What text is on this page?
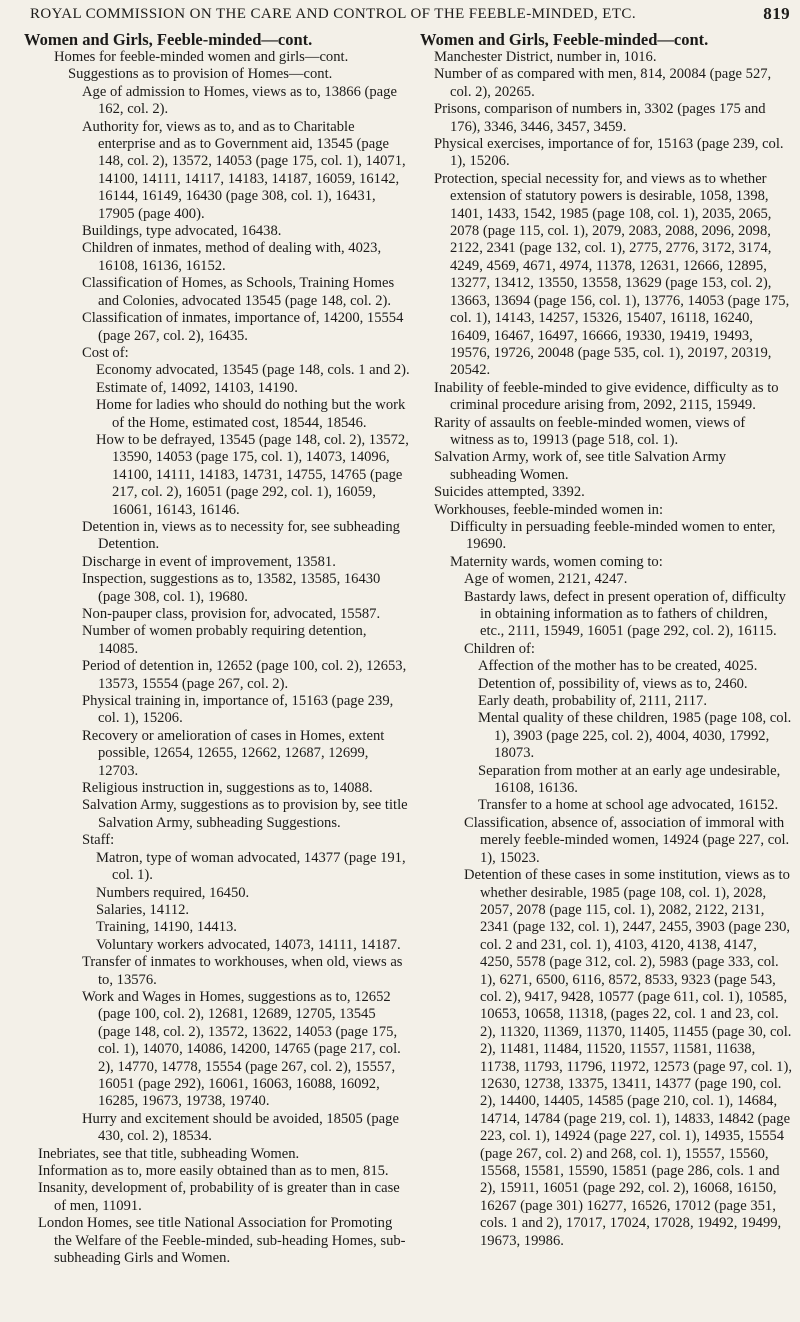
ROYAL COMMISSION ON THE CARE AND CONTROL OF THE FEEBLE-MINDED, ETC.	819
Women and Girls, Feeble-minded—cont.
Homes for feeble-minded women and girls—cont.
Suggestions as to provision of Homes—cont.
Age of admission to Homes, views as to, 13866 (page 162, col. 2).
Authority for, views as to, and as to Charitable enterprise and as to Government aid, 13545 (page 148, col. 2), 13572, 14053 (page 175, col. 1), 14071, 14100, 14111, 14117, 14183, 14187, 16059, 16142, 16144, 16149, 16430 (page 308, col. 1), 16431, 17905 (page 400).
Buildings, type advocated, 16438.
Children of inmates, method of dealing with, 4023, 16108, 16136, 16152.
Classification of Homes, as Schools, Training Homes and Colonies, advocated 13545 (page 148, col. 2).
Classification of inmates, importance of, 14200, 15554 (page 267, col. 2), 16435.
Cost of:
Economy advocated, 13545 (page 148, cols. 1 and 2).
Estimate of, 14092, 14103, 14190.
Home for ladies who should do nothing but the work of the Home, estimated cost, 18544, 18546.
How to be defrayed, 13545 (page 148, col. 2), 13572, 13590, 14053 (page 175, col. 1), 14073, 14096, 14100, 14111, 14183, 14731, 14755, 14765 (page 217, col. 2), 16051 (page 292, col. 1), 16059, 16061, 16143, 16146.
Detention in, views as to necessity for, see subheading Detention.
Discharge in event of improvement, 13581.
Inspection, suggestions as to, 13582, 13585, 16430 (page 308, col. 1), 19680.
Non-pauper class, provision for, advocated, 15587.
Number of women probably requiring detention, 14085.
Period of detention in, 12652 (page 100, col. 2), 12653, 13573, 15554 (page 267, col. 2).
Physical training in, importance of, 15163 (page 239, col. 1), 15206.
Recovery or amelioration of cases in Homes, extent possible, 12654, 12655, 12662, 12687, 12699, 12703.
Religious instruction in, suggestions as to, 14088.
Salvation Army, suggestions as to provision by, see title Salvation Army, subheading Suggestions.
Staff:
Matron, type of woman advocated, 14377 (page 191, col. 1).
Numbers required, 16450.
Salaries, 14112.
Training, 14190, 14413.
Voluntary workers advocated, 14073, 14111, 14187.
Transfer of inmates to workhouses, when old, views as to, 13576.
Work and Wages in Homes, suggestions as to, 12652 (page 100, col. 2), 12681, 12689, 12705, 13545 (page 148, col. 2), 13572, 13622, 14053 (page 175, col. 1), 14070, 14086, 14200, 14765 (page 217, col. 2), 14770, 14778, 15554 (page 267, col. 2), 15557, 16051 (page 292), 16061, 16063, 16088, 16092, 16285, 19673, 19738, 19740.
Hurry and excitement should be avoided, 18505 (page 430, col. 2), 18534.
Inebriates, see that title, subheading Women.
Information as to, more easily obtained than as to men, 815.
Insanity, development of, probability of is greater than in case of men, 11091.
London Homes, see title National Association for Promoting the Welfare of the Feeble-minded, sub-heading Homes, sub-subheading Girls and Women.
Women and Girls, Feeble-minded—cont.
Manchester District, number in, 1016.
Number of as compared with men, 814, 20084 (page 527, col. 2), 20265.
Prisons, comparison of numbers in, 3302 (pages 175 and 176), 3346, 3446, 3457, 3459.
Physical exercises, importance of for, 15163 (page 239, col. 1), 15206.
Protection, special necessity for, and views as to whether extension of statutory powers is desirable, 1058, 1398, 1401, 1433, 1542, 1985 (page 108, col. 1), 2035, 2065, 2078 (page 115, col. 1), 2079, 2083, 2088, 2096, 2098, 2122, 2341 (page 132, col. 1), 2775, 2776, 3172, 3174, 4249, 4569, 4671, 4974, 11378, 12631, 12666, 12895, 13277, 13412, 13550, 13558, 13629 (page 153, col. 2), 13663, 13694 (page 156, col. 1), 13776, 14053 (page 175, col. 1), 14143, 14257, 15326, 15407, 16118, 16240, 16409, 16467, 16497, 16666, 19330, 19419, 19493, 19576, 19726, 20048 (page 535, col. 1), 20197, 20319, 20542.
Inability of feeble-minded to give evidence, difficulty as to criminal procedure arising from, 2092, 2115, 15949.
Rarity of assaults on feeble-minded women, views of witness as to, 19913 (page 518, col. 1).
Salvation Army, work of, see title Salvation Army subheading Women.
Suicides attempted, 3392.
Workhouses, feeble-minded women in:
Difficulty in persuading feeble-minded women to enter, 19690.
Maternity wards, women coming to:
Age of women, 2121, 4247.
Bastardy laws, defect in present operation of, difficulty in obtaining information as to fathers of children, etc., 2111, 15949, 16051 (page 292, col. 2), 16115.
Children of:
Affection of the mother has to be created, 4025.
Detention of, possibility of, views as to, 2460.
Early death, probability of, 2111, 2117.
Mental quality of these children, 1985 (page 108, col. 1), 3903 (page 225, col. 2), 4004, 4030, 17992, 18073.
Separation from mother at an early age undesirable, 16108, 16136.
Transfer to a home at school age advocated, 16152.
Classification, absence of, association of immoral with merely feeble-minded women, 14924 (page 227, col. 1), 15023.
Detention of these cases in some institution, views as to whether desirable, 1985 (page 108, col. 1), 2028, 2057, 2078 (page 115, col. 1), 2082, 2122, 2131, 2341 (page 132, col. 1), 2447, 2455, 3903 (page 230, col. 2 and 231, col. 1), 4103, 4120, 4138, 4147, 4250, 5578 (page 312, col. 2), 5983 (page 333, col. 1), 6271, 6500, 6116, 8572, 8533, 9323 (page 543, col. 2), 9417, 9428, 10577 (page 611, col. 1), 10585, 10653, 10658, 11318, (pages 22, col. 1 and 23, col. 2), 11320, 11369, 11370, 11405, 11455 (page 30, col. 2), 11481, 11484, 11520, 11557, 11581, 11638, 11738, 11793, 11796, 11972, 12573 (page 97, col. 1), 12630, 12738, 13375, 13411, 14377 (page 190, col. 2), 14400, 14405, 14585 (page 210, col. 1), 14684, 14714, 14784 (page 219, col. 1), 14833, 14842 (page 223, col. 1), 14924 (page 227, col. 1), 14935, 15554 (page 267, col. 2) and 268, col. 1), 15557, 15560, 15568, 15581, 15590, 15851 (page 286, cols. 1 and 2), 15911, 16051 (page 292, col. 2), 16068, 16150, 16267 (page 301) 16277, 16526, 17012 (page 351, cols. 1 and 2), 17017, 17024, 17028, 19492, 19499, 19673, 19986.
